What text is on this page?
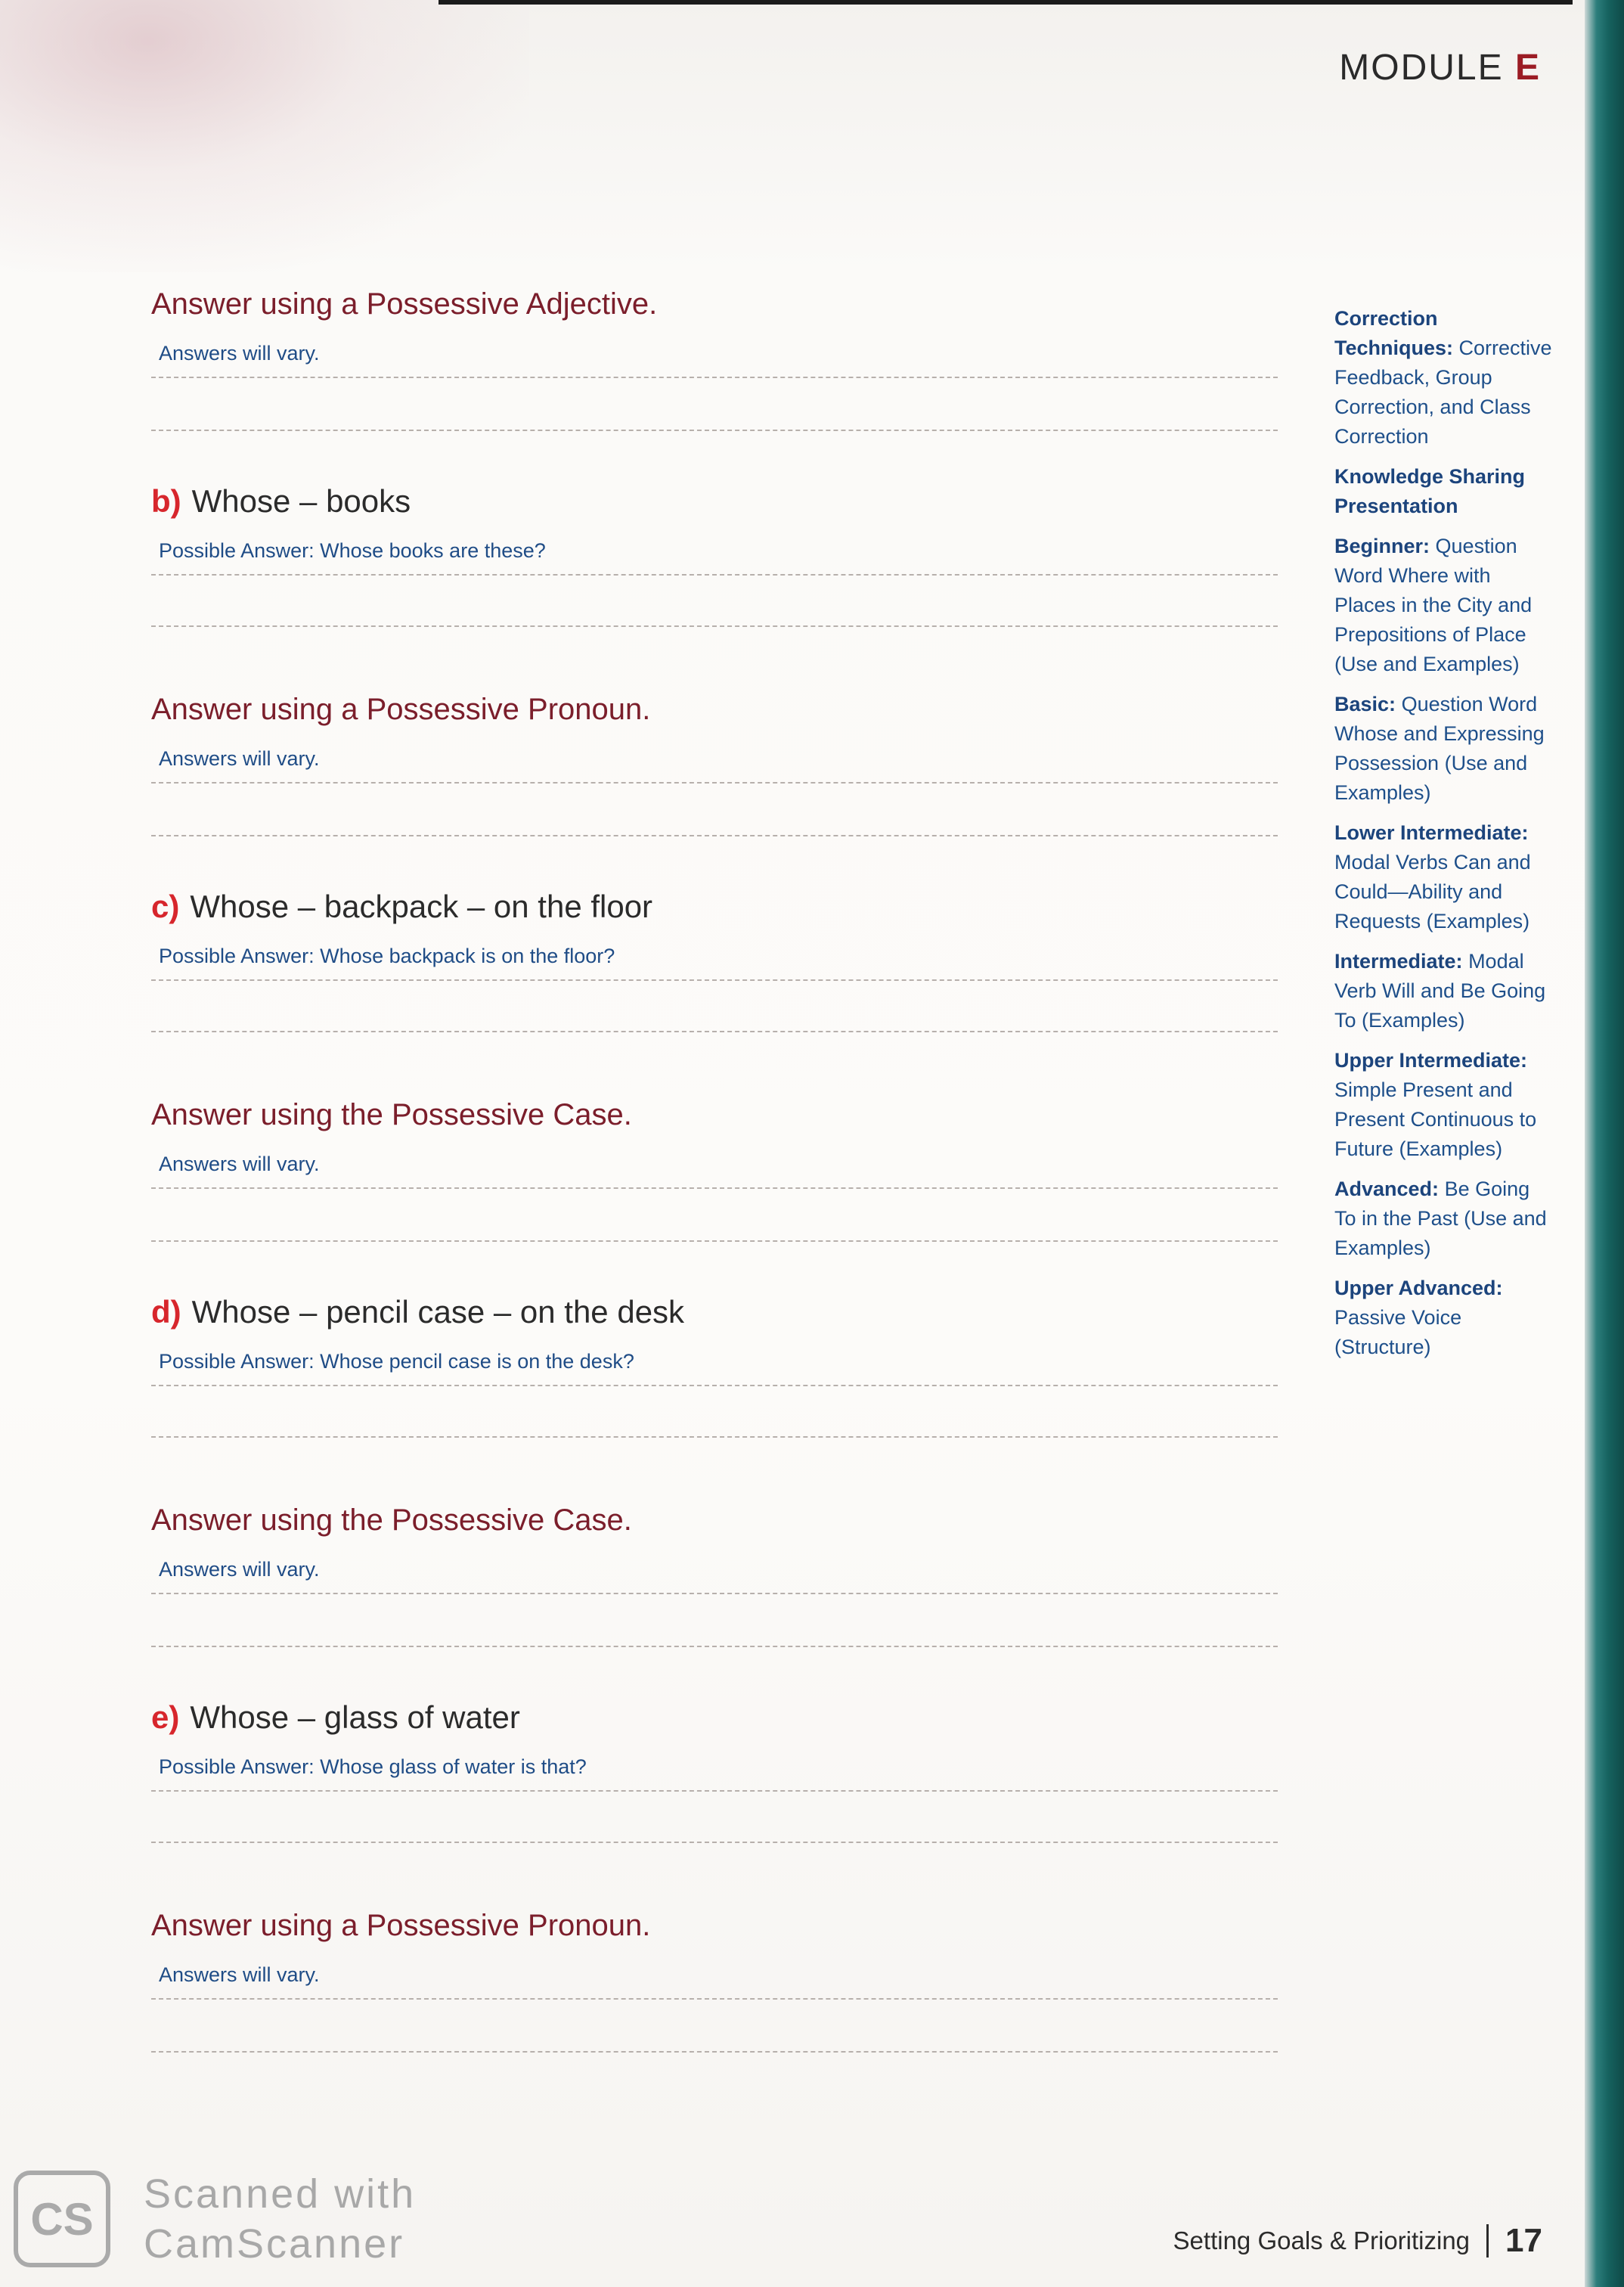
MODULE E
Answer using a Possessive Adjective.
Answers will vary.
b) Whose – books
Possible Answer: Whose books are these?
Answer using a Possessive Pronoun.
Answers will vary.
c) Whose – backpack – on the floor
Possible Answer: Whose backpack is on the floor?
Answer using the Possessive Case.
Answers will vary.
d) Whose – pencil case – on the desk
Possible Answer: Whose pencil case is on the desk?
Answer using the Possessive Case.
Answers will vary.
e) Whose – glass of water
Possible Answer: Whose glass of water is that?
Answer using a Possessive Pronoun.
Answers will vary.
Correction Techniques: Corrective Feedback, Group Correction, and Class Correction
Knowledge Sharing Presentation
Beginner: Question Word Where with Places in the City and Prepositions of Place (Use and Examples)
Basic: Question Word Whose and Expressing Possession (Use and Examples)
Lower Intermediate: Modal Verbs Can and Could—Ability and Requests (Examples)
Intermediate: Modal Verb Will and Be Going To (Examples)
Upper Intermediate: Simple Present and Present Continuous to Future (Examples)
Advanced: Be Going To in the Past (Use and Examples)
Upper Advanced: Passive Voice (Structure)
Setting Goals & Prioritizing 17
CS	Scanned with
CamScanner
